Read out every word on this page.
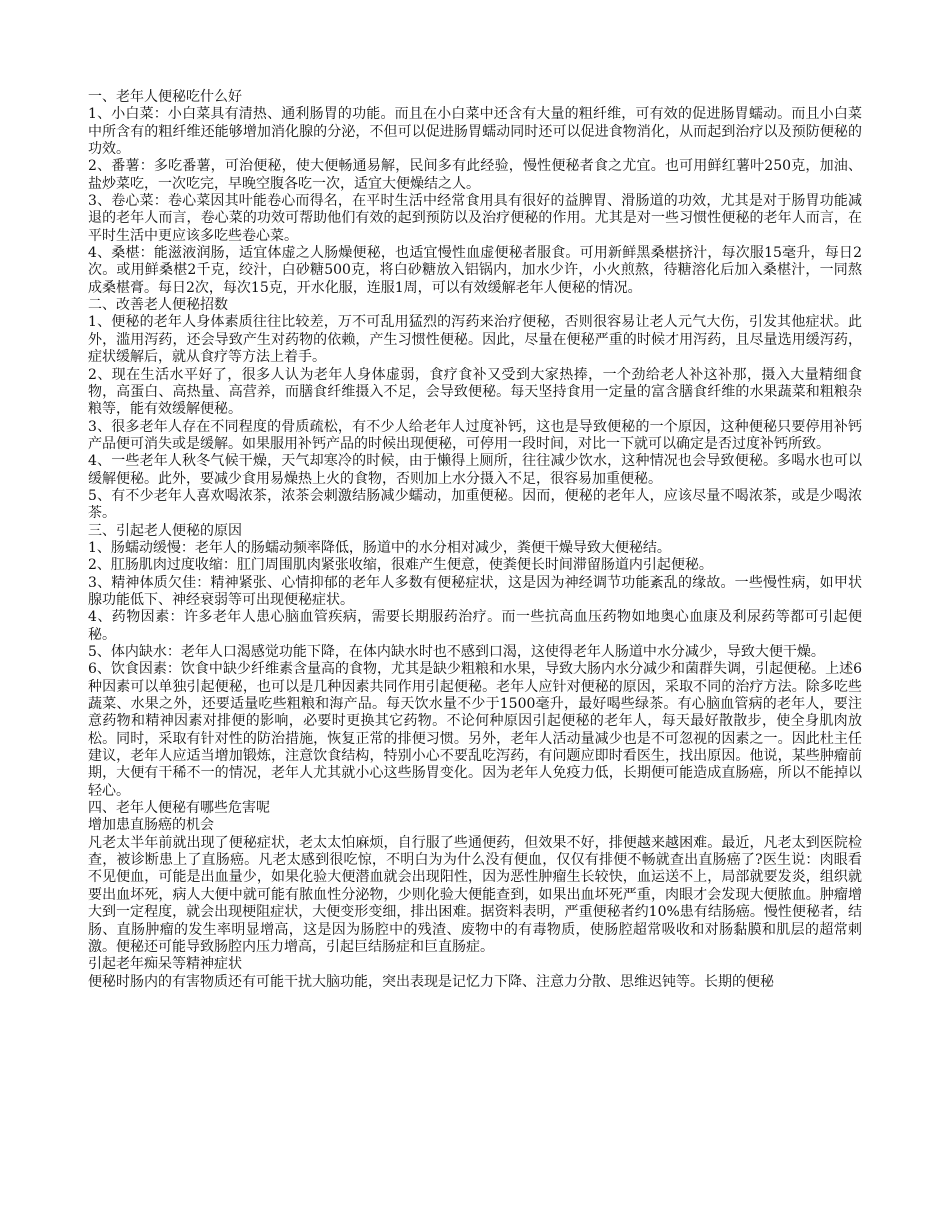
一、老年人便秘吃什么好

1、小白菜：小白菜具有清热、通利肠胃的功能。而且在小白菜中还含有大量的粗纤维，可有效的促进肠胃蠕动。而且小白菜中所含有的粗纤维还能够增加消化腺的分泌，不但可以促进肠胃蠕动同时还可以促进食物消化，从而起到治疗以及预防便秘的功效。

2、番薯：多吃番薯，可治便秘，使大便畅通易解，民间多有此经验，慢性便秘者食之尤宜。也可用鲜红薯叶250克，加油、盐炒菜吃，一次吃完，早晚空腹各吃一次，适宜大便燥结之人。

3、卷心菜：卷心菜因其叶能卷心而得名，在平时生活中经常食用具有很好的益脾胃、滑肠道的功效，尤其是对于肠胃功能减退的老年人而言，卷心菜的功效可帮助他们有效的起到预防以及治疗便秘的作用。尤其是对一些习惯性便秘的老年人而言，在平时生活中更应该多吃些卷心菜。

4、桑椹：能滋液润肠，适宜体虚之人肠燥便秘，也适宜慢性血虚便秘者服食。可用新鲜黑桑椹挤汁，每次服15毫升，每日2次。或用鲜桑椹2千克，绞汁，白砂糖500克，将白砂糖放入铝锅内，加水少许，小火煎熬，待糖溶化后加入桑椹汁，一同熬成桑椹膏。每日2次，每次15克，开水化服，连服1周，可以有效缓解老年人便秘的情况。

二、改善老人便秘招数

1、便秘的老年人身体素质往往比较差，万不可乱用猛烈的泻药来治疗便秘，否则很容易让老人元气大伤，引发其他症状。此外，滥用泻药，还会导致产生对药物的依赖，产生习惯性便秘。因此，尽量在便秘严重的时候才用泻药，且尽量选用缓泻药，症状缓解后，就从食疗等方法上着手。

2、现在生活水平好了，很多人认为老年人身体虚弱，食疗食补又受到大家热捧，一个劲给老人补这补那，摄入大量精细食物，高蛋白、高热量、高营养，而膳食纤维摄入不足，会导致便秘。每天坚持食用一定量的富含膳食纤维的水果蔬菜和粗粮杂粮等，能有效缓解便秘。

3、很多老年人存在不同程度的骨质疏松，有不少人给老年人过度补钙，这也是导致便秘的一个原因，这种便秘只要停用补钙产品便可消失或是缓解。如果服用补钙产品的时候出现便秘，可停用一段时间，对比一下就可以确定是否过度补钙所致。

4、一些老年人秋冬气候干燥，天气却寒冷的时候，由于懒得上厕所，往往减少饮水，这种情况也会导致便秘。多喝水也可以缓解便秘。此外，要减少食用易燥热上火的食物，否则加上水分摄入不足，很容易加重便秘。

5、有不少老年人喜欢喝浓茶，浓茶会刺激结肠减少蠕动，加重便秘。因而，便秘的老年人，应该尽量不喝浓茶，或是少喝浓茶。

三、引起老人便秘的原因

1、肠蠕动缓慢：老年人的肠蠕动频率降低，肠道中的水分相对减少，粪便干燥导致大便秘结。

2、肛肠肌肉过度收缩：肛门周围肌肉紧张收缩，很难产生便意，使粪便长时间滞留肠道内引起便秘。

3、精神体质欠佳：精神紧张、心情抑郁的老年人多数有便秘症状，这是因为神经调节功能紊乱的缘故。一些慢性病，如甲状腺功能低下、神经衰弱等可出现便秘症状。

4、药物因素：许多老年人患心脑血管疾病，需要长期服药治疗。而一些抗高血压药物如地奥心血康及利尿药等都可引起便秘。

5、体内缺水：老年人口渴感觉功能下降，在体内缺水时也不感到口渴，这使得老年人肠道中水分减少，导致大便干燥。

6、饮食因素：饮食中缺少纤维素含量高的食物，尤其是缺少粗粮和水果，导致大肠内水分减少和菌群失调，引起便秘。上述6种因素可以单独引起便秘，也可以是几种因素共同作用引起便秘。老年人应针对便秘的原因，采取不同的治疗方法。除多吃些蔬菜、水果之外，还要适量吃些粗粮和海产品。每天饮水量不少于1500毫升，最好喝些绿茶。有心脑血管病的老年人，要注意药物和精神因素对排便的影响，必要时更换其它药物。不论何种原因引起便秘的老年人，每天最好散散步，使全身肌肉放松。同时，采取有针对性的防治措施，恢复正常的排便习惯。另外，老年人活动量减少也是不可忽视的因素之一。因此杜主任建议，老年人应适当增加锻炼，注意饮食结构，特别小心不要乱吃泻药，有问题应即时看医生，找出原因。他说，某些肿瘤前期，大便有干稀不一的情况，老年人尤其就小心这些肠胃变化。因为老年人免疫力低，长期便可能造成直肠癌，所以不能掉以轻心。

四、老年人便秘有哪些危害呢

增加患直肠癌的机会

凡老太半年前就出现了便秘症状，老太太怕麻烦，自行服了些通便药，但效果不好，排便越来越困难。最近，凡老太到医院检查，被诊断患上了直肠癌。凡老太感到很吃惊，不明白为为什么没有便血，仅仅有排便不畅就查出直肠癌了?医生说：肉眼看不见便血，可能是出血量少，如果化验大便潜血就会出现阳性，因为恶性肿瘤生长较快，血运送不上，局部就要发炎，组织就要出血坏死，病人大便中就可能有脓血性分泌物，少则化验大便能查到，如果出血坏死严重，肉眼才会发现大便脓血。肿瘤增大到一定程度，就会出现梗阻症状，大便变形变细，排出困难。据资料表明，严重便秘者约10%患有结肠癌。慢性便秘者，结肠、直肠肿瘤的发生率明显增高，这是因为肠腔中的残渣、废物中的有毒物质，使肠腔超常吸收和对肠黏膜和肌层的超常刺激。便秘还可能导致肠腔内压力增高，引起巨结肠症和巨直肠症。

引起老年痴呆等精神症状

便秘时肠内的有害物质还有可能干扰大脑功能，突出表现是记忆力下降、注意力分散、思维迟钝等。长期的便秘
